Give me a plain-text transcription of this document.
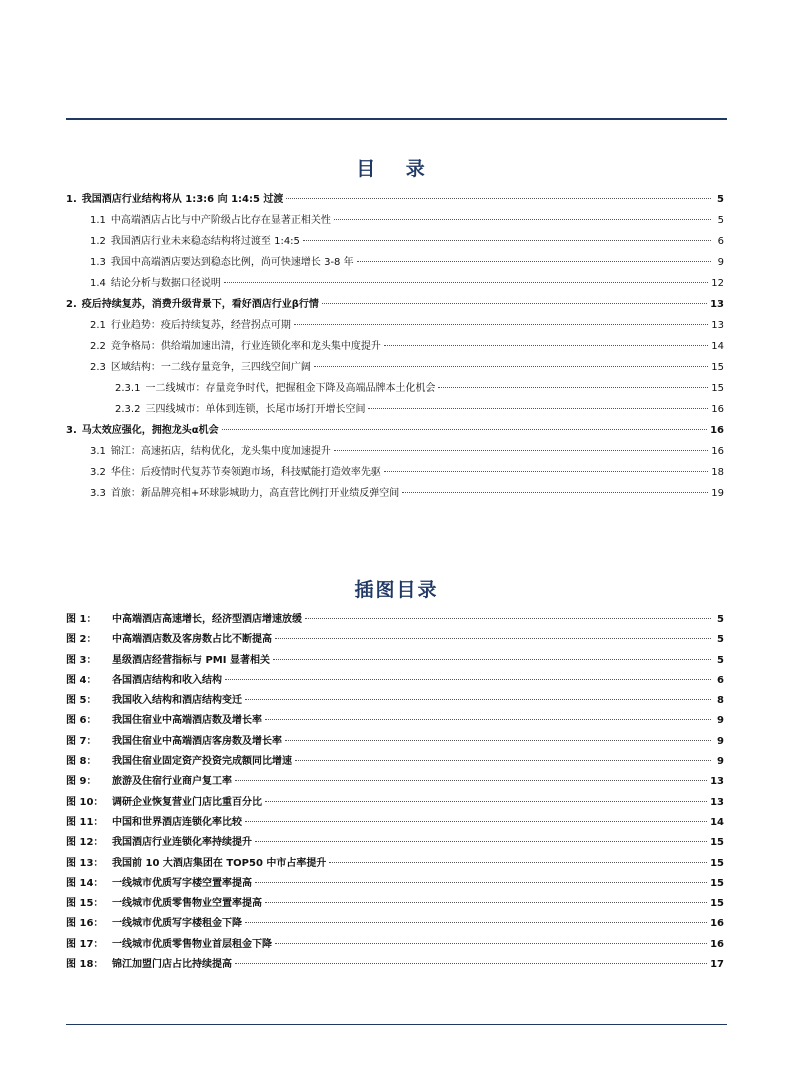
目 录
1. 我国酒店行业结构将从 1:3:6 向 1:4:5 过渡	5
1.1 中高端酒店占比与中产阶级占比存在显著正相关性	5
1.2 我国酒店行业未来稳态结构将过渡至 1:4:5	6
1.3 我国中高端酒店要达到稳态比例，尚可快速增长 3-8 年	9
1.4 结论分析与数据口径说明	12
2. 疫后持续复苏，消费升级背景下，看好酒店行业β行情	13
2.1 行业趋势：疫后持续复苏，经营拐点可期	13
2.2 竞争格局：供给端加速出清，行业连锁化率和龙头集中度提升	14
2.3 区域结构：一二线存量竞争，三四线空间广阔	15
2.3.1 一二线城市：存量竞争时代，把握租金下降及高端品牌本土化机会	15
2.3.2 三四线城市：单体到连锁，长尾市场打开增长空间	16
3. 马太效应强化，拥抱龙头α机会	16
3.1 锦江：高速拓店，结构优化，龙头集中度加速提升	16
3.2 华住：后疫情时代复苏节奏领跑市场，科技赋能打造效率先驱	18
3.3 首旅：新品牌亮相+环球影城助力，高直营比例打开业绩反弹空间	19
插图目录
图 1： 中高端酒店高速增长，经济型酒店增速放缓	5
图 2： 中高端酒店数及客房数占比不断提高	5
图 3： 星级酒店经营指标与 PMI 显著相关	5
图 4： 各国酒店结构和收入结构	6
图 5： 我国收入结构和酒店结构变迁	8
图 6： 我国住宿业中高端酒店数及增长率	9
图 7： 我国住宿业中高端酒店客房数及增长率	9
图 8： 我国住宿业固定资产投资完成额同比增速	9
图 9： 旅游及住宿行业商户复工率	13
图 10： 调研企业恢复营业门店比重百分比	13
图 11： 中国和世界酒店连锁化率比较	14
图 12： 我国酒店行业连锁化率持续提升	15
图 13： 我国前 10 大酒店集团在 TOP50 中市占率提升	15
图 14： 一线城市优质写字楼空置率提高	15
图 15： 一线城市优质零售物业空置率提高	15
图 16： 一线城市优质写字楼租金下降	16
图 17： 一线城市优质零售物业首层租金下降	16
图 18： 锦江加盟门店占比持续提高	17
